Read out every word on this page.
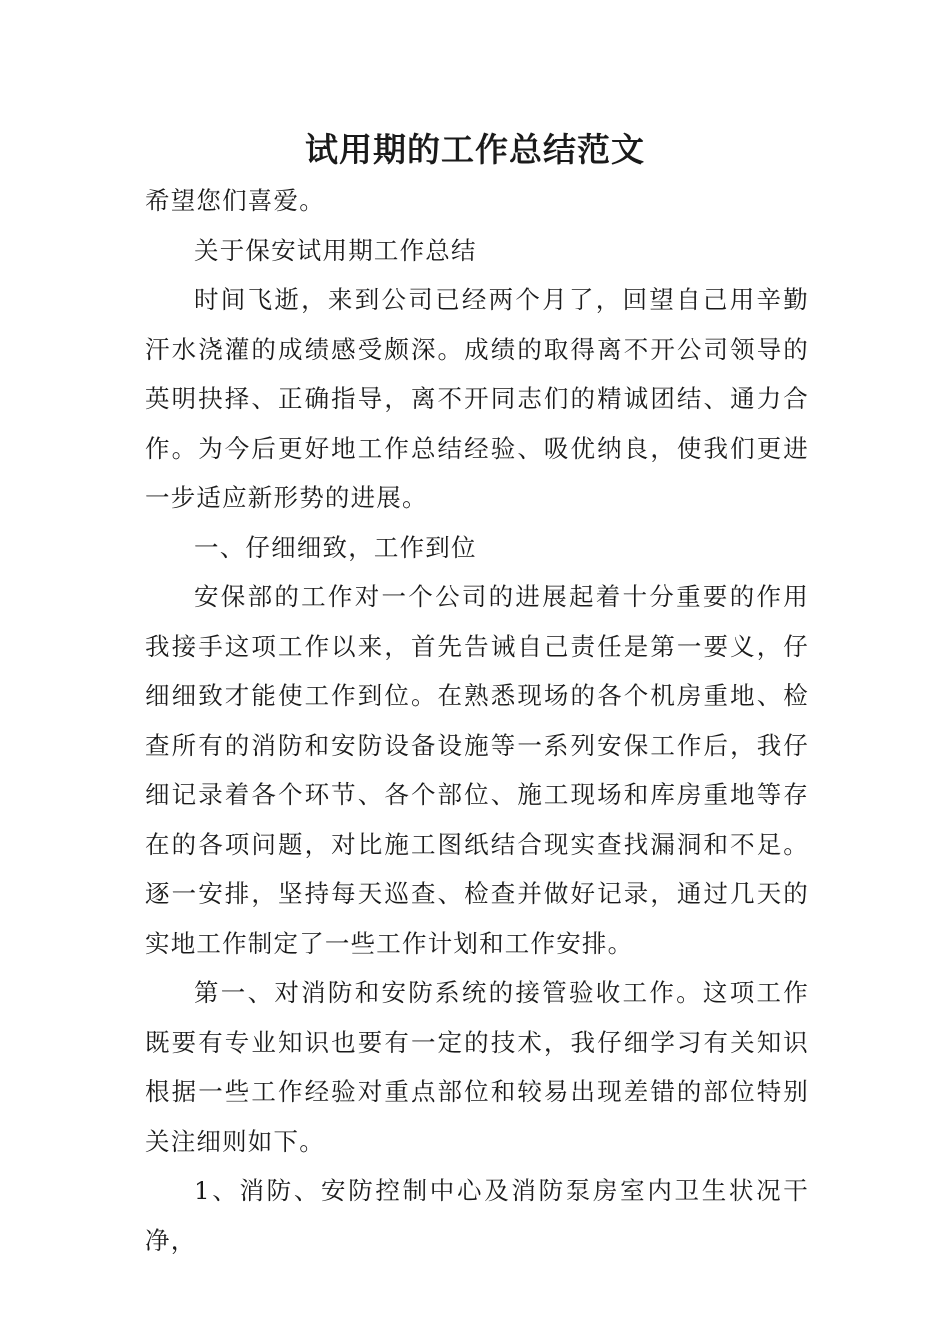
试用期的工作总结范文

希望您们喜爱。

关于保安试用期工作总结

时间飞逝，来到公司已经两个月了，回望自己用辛勤汗水浇灌的成绩感受颇深。成绩的取得离不开公司领导的英明抉择、正确指导，离不开同志们的精诚团结、通力合作。为今后更好地工作总结经验、吸优纳良，使我们更进一步适应新形势的进展。

一、仔细细致，工作到位

安保部的工作对一个公司的进展起着十分重要的作用我接手这项工作以来，首先告诫自己责任是第一要义，仔细细致才能使工作到位。在熟悉现场的各个机房重地、检查所有的消防和安防设备设施等一系列安保工作后，我仔细记录着各个环节、各个部位、施工现场和库房重地等存在的各项问题，对比施工图纸结合现实查找漏洞和不足。逐一安排，坚持每天巡查、检查并做好记录，通过几天的实地工作制定了一些工作计划和工作安排。

第一、对消防和安防系统的接管验收工作。这项工作既要有专业知识也要有一定的技术，我仔细学习有关知识根据一些工作经验对重点部位和较易出现差错的部位特别关注细则如下。

1、消防、安防控制中心及消防泵房室内卫生状况干净，
